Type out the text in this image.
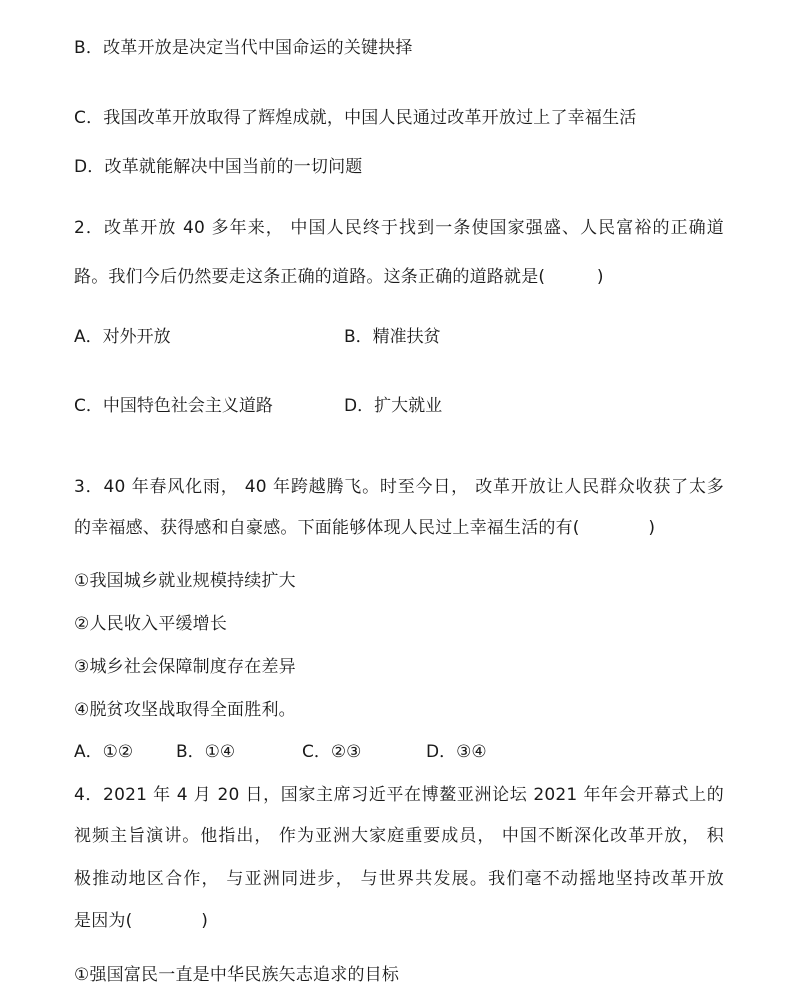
B．改革开放是决定当代中国命运的关键抉择
C．我国改革开放取得了辉煌成就，中国人民通过改革开放过上了幸福生活
D．改革就能解决中国当前的一切问题
2．改革开放 40 多年来， 中国人民终于找到一条使国家强盛、人民富裕的正确道
路。我们今后仍然要走这条正确的道路。这条正确的道路就是(　　　)
A．对外开放	B．精准扶贫
C．中国特色社会主义道路	D．扩大就业
3．40 年春风化雨， 40 年跨越腾飞。时至今日， 改革开放让人民群众收获了太多
的幸福感、获得感和自豪感。下面能够体现人民过上幸福生活的有(　　　　)
①我国城乡就业规模持续扩大
②人民收入平缓增长
③城乡社会保障制度存在差异
④脱贫攻坚战取得全面胜利。
A．①②	B．①④	C．②③	D．③④
4．2021 年 4 月 20 日，国家主席习近平在博鳌亚洲论坛 2021 年年会开幕式上的
视频主旨演讲。他指出， 作为亚洲大家庭重要成员， 中国不断深化改革开放， 积
极推动地区合作， 与亚洲同进步， 与世界共发展。我们毫不动摇地坚持改革开放
是因为(　　　　)
①强国富民一直是中华民族矢志追求的目标
